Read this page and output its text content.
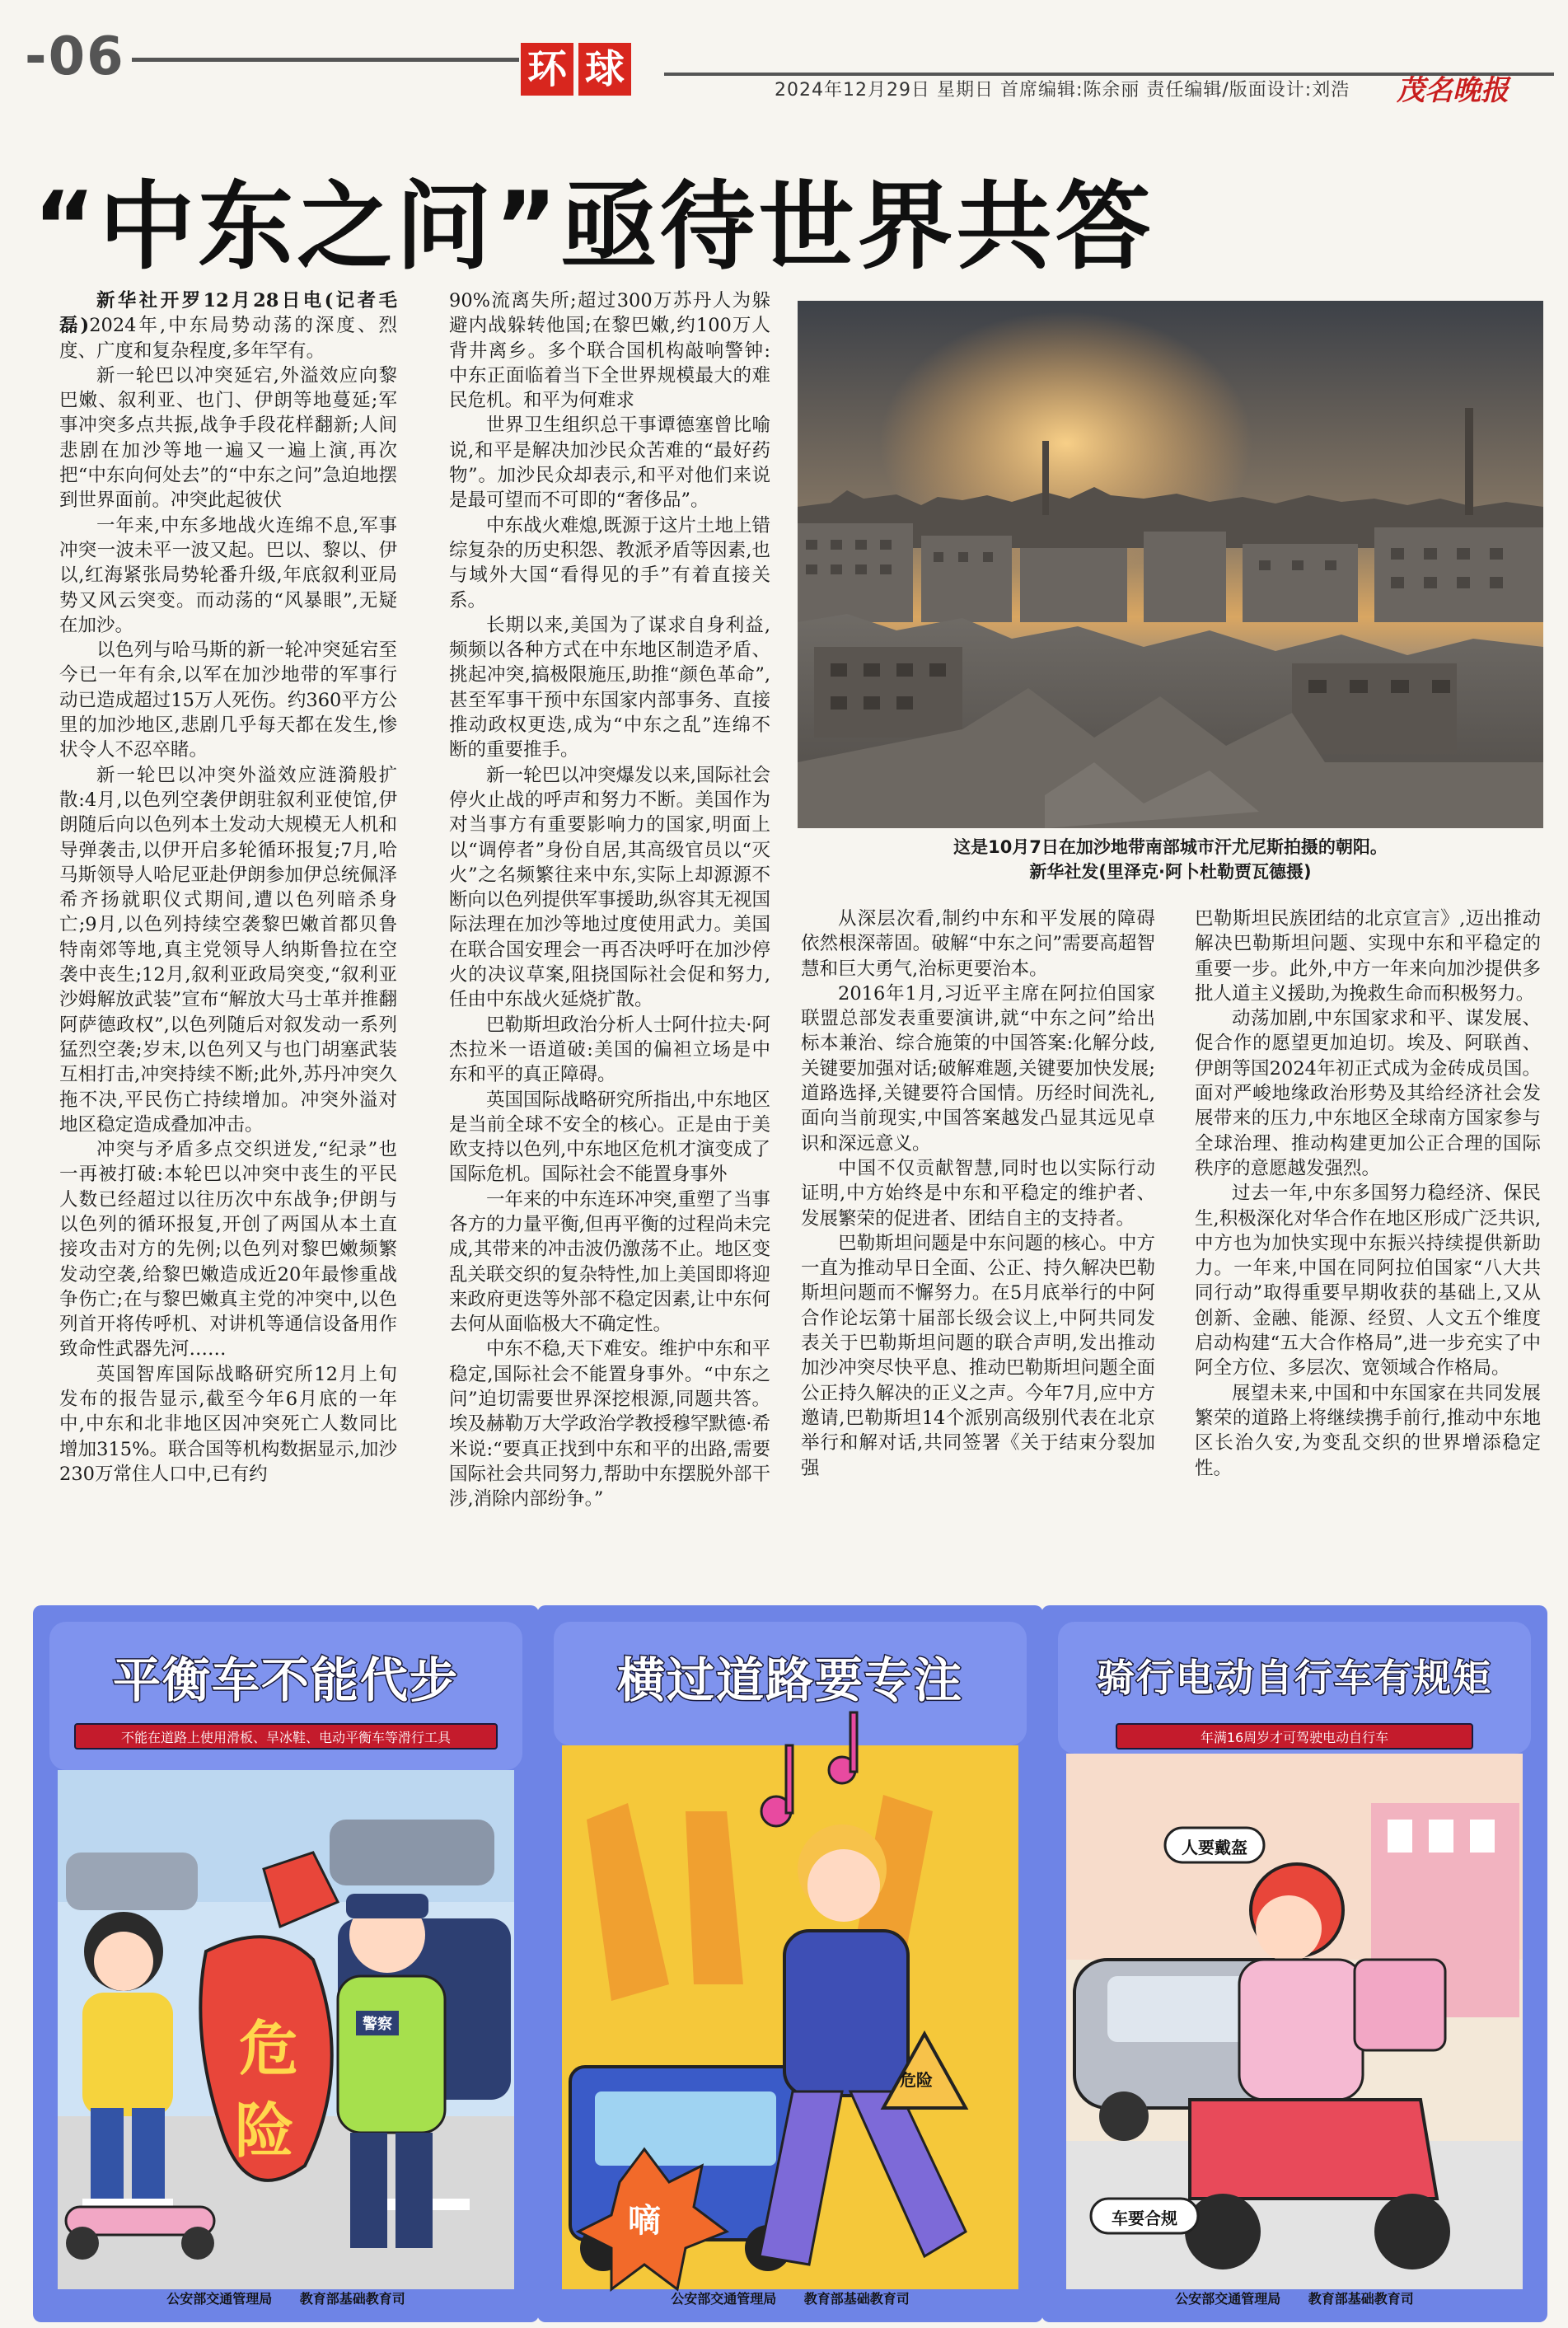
-06	环 球	2024年12月29日 星期日 首席编辑:陈余丽 责任编辑/版面设计:刘浩 茂名晚报
“中东之问”亟待世界共答

新华社开罗12月28日电(记者毛磊)2024年,中东局势动荡的深度、烈度、广度和复杂程度,多年罕有。

新一轮巴以冲突延宕,外溢效应向黎巴嫩、叙利亚、也门、伊朗等地蔓延;军事冲突多点共振,战争手段花样翻新;人间悲剧在加沙等地一遍又一遍上演,再次把“中东向何处去”的“中东之问”急迫地摆到世界面前。冲突此起彼伏

一年来,中东多地战火连绵不息,军事冲突一波未平一波又起。巴以、黎以、伊以,红海紧张局势轮番升级,年底叙利亚局势又风云突变。而动荡的“风暴眼”,无疑在加沙。

以色列与哈马斯的新一轮冲突延宕至今已一年有余,以军在加沙地带的军事行动已造成超过15万人死伤。约360平方公里的加沙地区,悲剧几乎每天都在发生,惨状令人不忍卒睹。

新一轮巴以冲突外溢效应涟漪般扩散:4月,以色列空袭伊朗驻叙利亚使馆,伊朗随后向以色列本土发动大规模无人机和导弹袭击,以伊开启多轮循环报复;7月,哈马斯领导人哈尼亚赴伊朗参加伊总统佩泽希齐扬就职仪式期间,遭以色列暗杀身亡;9月,以色列持续空袭黎巴嫩首都贝鲁特南郊等地,真主党领导人纳斯鲁拉在空袭中丧生;12月,叙利亚政局突变,“叙利亚沙姆解放武装”宣布“解放大马士革并推翻阿萨德政权”,以色列随后对叙发动一系列猛烈空袭;岁末,以色列又与也门胡塞武装互相打击,冲突持续不断;此外,苏丹冲突久拖不决,平民伤亡持续增加。冲突外溢对地区稳定造成叠加冲击。

冲突与矛盾多点交织迸发,“纪录”也一再被打破:本轮巴以冲突中丧生的平民人数已经超过以往历次中东战争;伊朗与以色列的循环报复,开创了两国从本土直接攻击对方的先例;以色列对黎巴嫩频繁发动空袭,给黎巴嫩造成近20年最惨重战争伤亡;在与黎巴嫩真主党的冲突中,以色列首开将传呼机、对讲机等通信设备用作致命性武器先河……

英国智库国际战略研究所12月上旬发布的报告显示,截至今年6月底的一年中,中东和北非地区因冲突死亡人数同比增加315%。联合国等机构数据显示,加沙230万常住人口中,已有约

90%流离失所;超过300万苏丹人为躲避内战躲转他国;在黎巴嫩,约100万人背井离乡。多个联合国机构敲响警钟:中东正面临着当下全世界规模最大的难民危机。和平为何难求

世界卫生组织总干事谭德塞曾比喻说,和平是解决加沙民众苦难的“最好药物”。加沙民众却表示,和平对他们来说是最可望而不可即的“奢侈品”。

中东战火难熄,既源于这片土地上错综复杂的历史积怨、教派矛盾等因素,也与域外大国“看得见的手”有着直接关系。

长期以来,美国为了谋求自身利益,频频以各种方式在中东地区制造矛盾、挑起冲突,搞极限施压,助推“颜色革命”,甚至军事干预中东国家内部事务、直接推动政权更迭,成为“中东之乱”连绵不断的重要推手。

新一轮巴以冲突爆发以来,国际社会停火止战的呼声和努力不断。美国作为对当事方有重要影响力的国家,明面上以“调停者”身份自居,其高级官员以“灭火”之名频繁往来中东,实际上却源源不断向以色列提供军事援助,纵容其无视国际法理在加沙等地过度使用武力。美国在联合国安理会一再否决呼吁在加沙停火的决议草案,阻挠国际社会促和努力,任由中东战火延烧扩散。

巴勒斯坦政治分析人士阿什拉夫·阿杰拉米一语道破:美国的偏袒立场是中东和平的真正障碍。

英国国际战略研究所指出,中东地区是当前全球不安全的核心。正是由于美欧支持以色列,中东地区危机才演变成了国际危机。国际社会不能置身事外

一年来的中东连环冲突,重塑了当事各方的力量平衡,但再平衡的过程尚未完成,其带来的冲击波仍激荡不止。地区变乱关联交织的复杂特性,加上美国即将迎来政府更迭等外部不稳定因素,让中东何去何从面临极大不确定性。

中东不稳,天下难安。维护中东和平稳定,国际社会不能置身事外。“中东之问”迫切需要世界深挖根源,同题共答。埃及赫勒万大学政治学教授穆罕默德·希米说:“要真正找到中东和平的出路,需要国际社会共同努力,帮助中东摆脱外部干涉,消除内部纷争。”

从深层次看,制约中东和平发展的障碍依然根深蒂固。破解“中东之问”需要高超智慧和巨大勇气,治标更要治本。

2016年1月,习近平主席在阿拉伯国家联盟总部发表重要演讲,就“中东之问”给出标本兼治、综合施策的中国答案:化解分歧,关键要加强对话;破解难题,关键要加快发展;道路选择,关键要符合国情。历经时间洗礼,面向当前现实,中国答案越发凸显其远见卓识和深远意义。

中国不仅贡献智慧,同时也以实际行动证明,中方始终是中东和平稳定的维护者、发展繁荣的促进者、团结自主的支持者。

巴勒斯坦问题是中东问题的核心。中方一直为推动早日全面、公正、持久解决巴勒斯坦问题而不懈努力。在5月底举行的中阿合作论坛第十届部长级会议上,中阿共同发表关于巴勒斯坦问题的联合声明,发出推动加沙冲突尽快平息、推动巴勒斯坦问题全面公正持久解决的正义之声。今年7月,应中方邀请,巴勒斯坦14个派别高级别代表在北京举行和解对话,共同签署《关于结束分裂加强

巴勒斯坦民族团结的北京宣言》,迈出推动解决巴勒斯坦问题、实现中东和平稳定的重要一步。此外,中方一年来向加沙提供多批人道主义援助,为挽救生命而积极努力。

动荡加剧,中东国家求和平、谋发展、促合作的愿望更加迫切。埃及、阿联酋、伊朗等国2024年初正式成为金砖成员国。面对严峻地缘政治形势及其给经济社会发展带来的压力,中东地区全球南方国家参与全球治理、推动构建更加公正合理的国际秩序的意愿越发强烈。

过去一年,中东多国努力稳经济、保民生,积极深化对华合作在地区形成广泛共识,中方也为加快实现中东振兴持续提供新助力。一年来,中国在同阿拉伯国家“八大共同行动”取得重要早期收获的基础上,又从创新、金融、能源、经贸、人文五个维度启动构建“五大合作格局”,进一步充实了中阿全方位、多层次、宽领域合作格局。

展望未来,中国和中东国家在共同发展繁荣的道路上将继续携手前行,推动中东地区长治久安,为变乱交织的世界增添稳定性。

这是10月7日在加沙地带南部城市汗尤尼斯拍摄的朝阳。
新华社发(里泽克·阿卜杜勒贾瓦德摄)
平衡车不能代步
不能在道路上使用滑板、旱冰鞋、电动平衡车等滑行工具
危
险
警察
公安部交通管理局 教育部基础教育司
横过道路要专注
危险
嘀
公安部交通管理局 教育部基础教育司
骑行电动自行车有规矩
年满16周岁才可驾驶电动自行车
人要戴盔
车要合规
公安部交通管理局 教育部基础教育司
